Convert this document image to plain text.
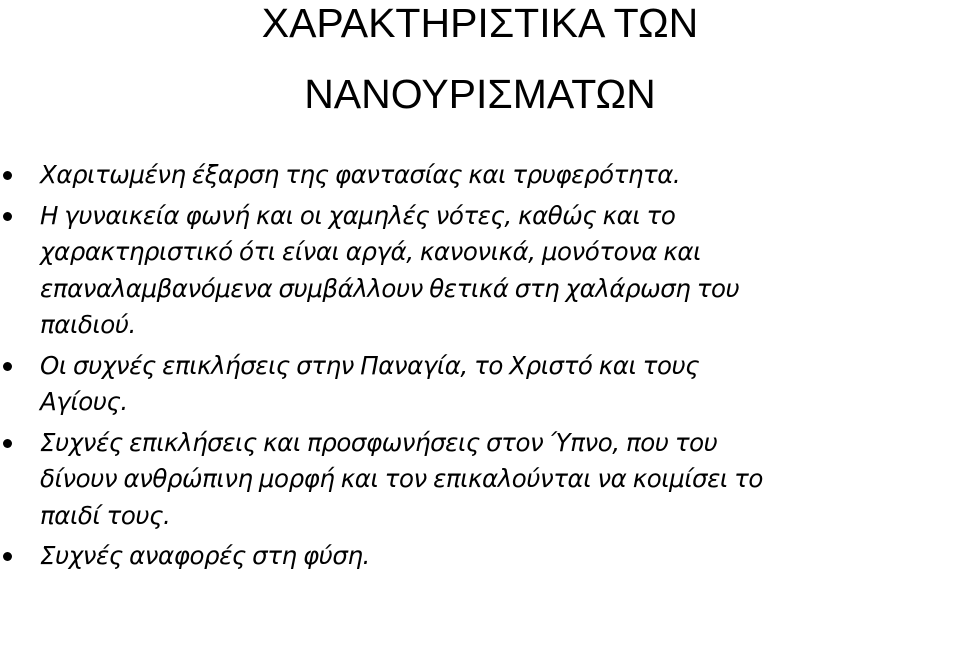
ΧΑΡΑΚΤΗΡΙΣΤΙΚΑ ΤΩΝ
ΝΑΝΟΥΡΙΣΜΑΤΩΝ
Χαριτωμένη έξαρση της φαντασίας και τρυφερότητα.
Η γυναικεία φωνή και οι χαμηλές νότες, καθώς και το
χαρακτηριστικό ότι είναι αργά, κανονικά, μονότονα και
επαναλαμβανόμενα συμβάλλουν θετικά στη χαλάρωση του
παιδιού.
Οι συχνές επικλήσεις στην Παναγία, το Χριστό και τους
Αγίους.
Συχνές επικλήσεις και προσφωνήσεις στον Ύπνο, που του
δίνουν ανθρώπινη μορφή και τον επικαλούνται να κοιμίσει το
παιδί τους.
Συχνές αναφορές στη φύση.
